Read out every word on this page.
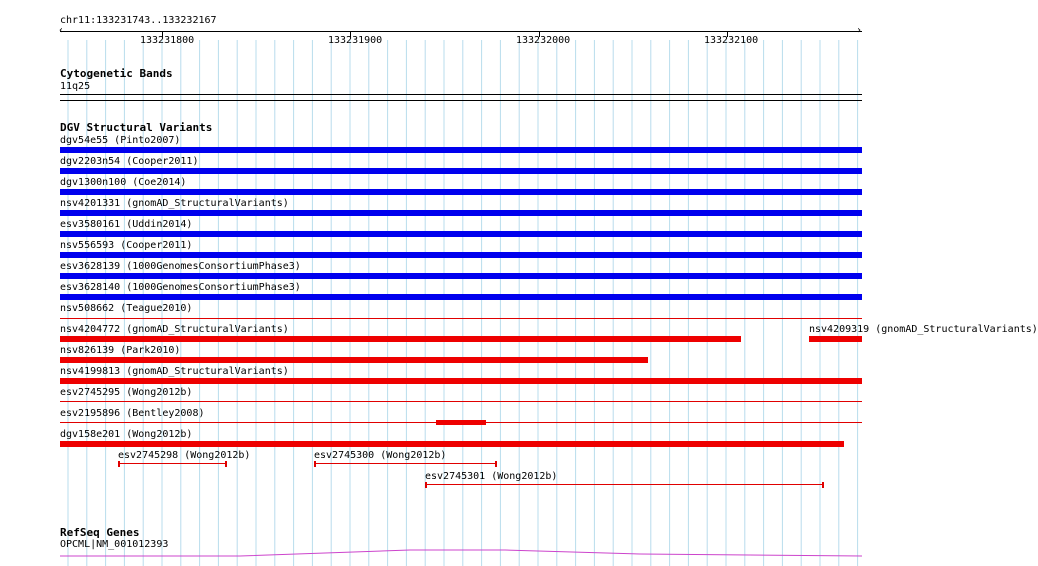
chr11:133231743..133232167
‹	›
133231800	133231900	133232000	133232100
Cytogenetic Bands
11q25
DGV Structural Variants
dgv54e55 (Pinto2007)
dgv2203n54 (Cooper2011)
dgv1300n100 (Coe2014)
nsv4201331 (gnomAD_StructuralVariants)
esv3580161 (Uddin2014)
nsv556593 (Cooper2011)
esv3628139 (1000GenomesConsortiumPhase3)
esv3628140 (1000GenomesConsortiumPhase3)
nsv508662 (Teague2010)
nsv4204772 (gnomAD_StructuralVariants)	nsv4209319 (gnomAD_StructuralVariants)
nsv826139 (Park2010)
nsv4199813 (gnomAD_StructuralVariants)
esv2745295 (Wong2012b)
esv2195896 (Bentley2008)
dgv158e201 (Wong2012b)
esv2745298 (Wong2012b)	esv2745300 (Wong2012b)
esv2745301 (Wong2012b)
RefSeq Genes
OPCML|NM_001012393
